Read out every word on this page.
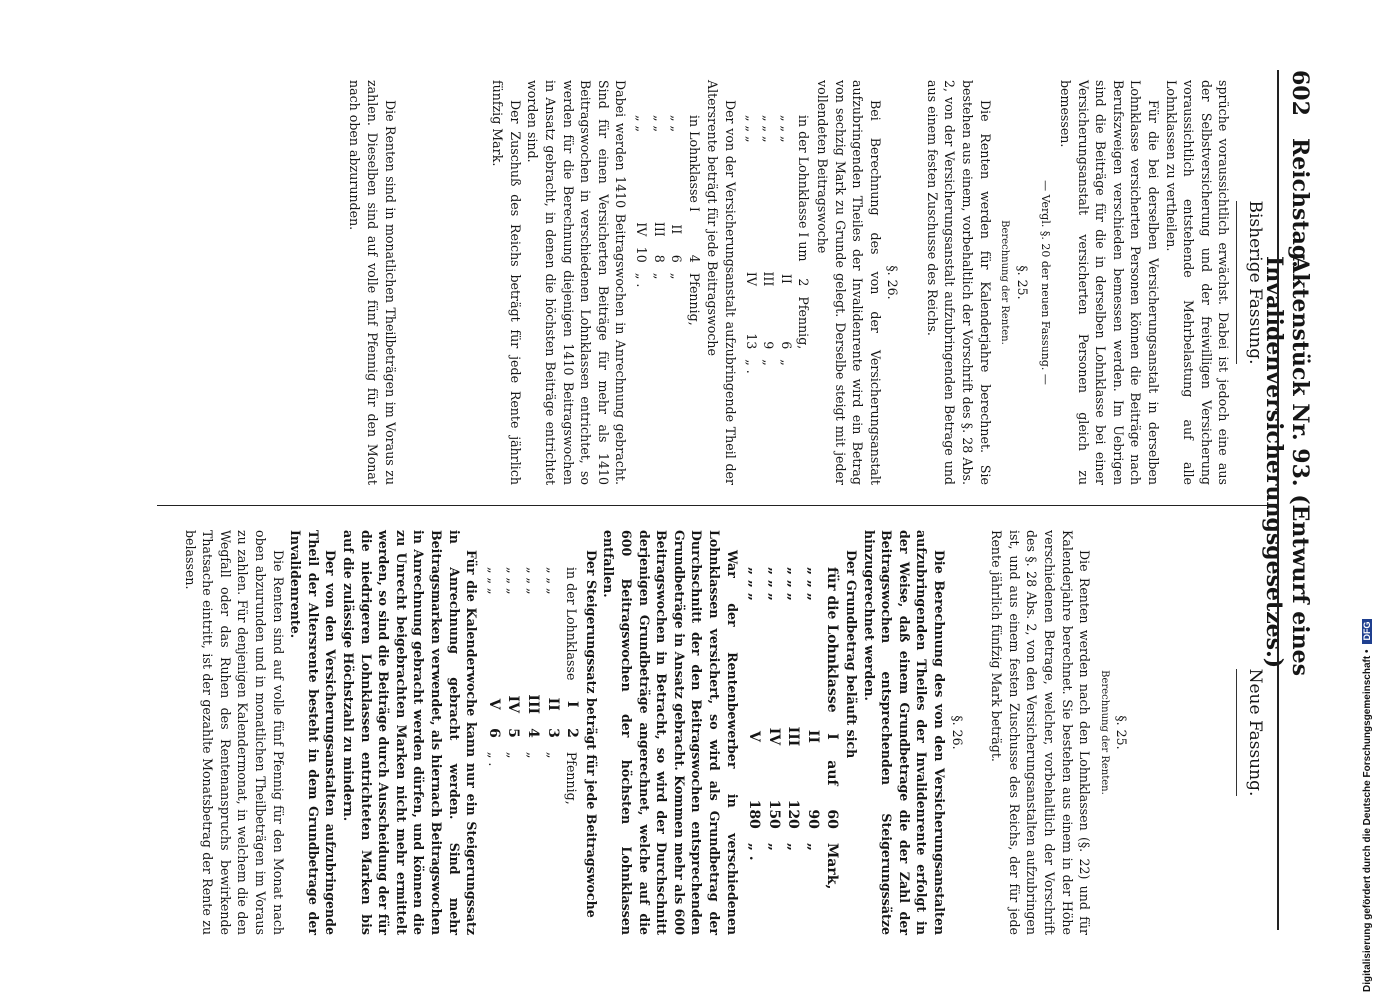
602
Reichstag.
Aktenstück Nr. 93. (Entwurf eines Invalidenversicherungsgesetzes.)
Bisherige Fassung.

sprüche voraussichtlich erwächst. Dabei ist jedoch eine aus der Selbstversicherung und der freiwilligen Versicherung voraussichtlich entstehende Mehrbelastung auf alle Lohnklassen zu vertheilen.

Für die bei derselben Versicherungsanstalt in derselben Lohnklasse versicherten Personen können die Beiträge nach Berufszweigen verschieden bemessen werden. Im Uebrigen sind die Beiträge für die in derselben Lohnklasse bei einer Versicherungsanstalt versicherten Personen gleich zu bemessen.

— Vergl. §. 20 der neuen Fassung. —
§. 25.
Berechnung der Renten.

Die Renten werden für Kalenderjahre berechnet. Sie bestehen aus einem, vorbehaltlich der Vorschrift des §. 28 Abs. 2, von der Versicherungsanstalt aufzubringenden Betrage und aus einem festen Zuschusse des Reichs.

§. 26.

Bei Berechnung des von der Versicherungsanstalt aufzubringenden Theiles der Invalidenrente wird ein Betrag von sechzig Mark zu Grunde gelegt. Derselbe steigt mit jeder vollendeten Beitragswoche

in der Lohnklasse I um	2	Pfennig,	
„ „ „	II	6	„
„ „ „	III	9	„
„ „ „	IV	13	„ .

Der von der Versicherungsanstalt aufzubringende Theil der Altersrente beträgt für jede Beitragswoche

in Lohnklasse I		4	Pfennig,
„ „	II	6	„
„ „	III	8	„
„ „	IV	10	„ .

Dabei werden 1410 Beitragswochen in Anrechnung gebracht. Sind für einen Versicherten Beiträge für mehr als 1410 Beitragswochen in verschiedenen Lohnklassen entrichtet, so werden für die Berechnung diejenigen 1410 Beitragswochen in Ansatz gebracht, in denen die höchsten Beiträge entrichtet worden sind.

Der Zuschuß des Reichs beträgt für jede Rente jährlich fünfzig Mark.

Die Renten sind in monatlichen Theilbeträgen im Voraus zu zahlen. Dieselben sind auf volle fünf Pfennig für den Monat nach oben abzurunden.

Neue Fassung.
§. 25.
Berechnung der Renten.

Die Renten werden nach den Lohnklassen (§. 22) und für Kalenderjahre berechnet. Sie bestehen aus einem in der Höhe verschiedenen Betrage, welcher, vorbehaltlich der Vorschrift des §. 28 Abs. 2, von den Versicherungsanstalten aufzubringen ist, und aus einem festen Zuschusse des Reichs, der für jede Rente jährlich fünfzig Mark beträgt.

§. 26.

Die Berechnung des von den Versicherungsanstalten aufzubringenden Theiles der Invalidenrente erfolgt in der Weise, daß einem Grundbetrage die der Zahl der Beitragswochen entsprechenden Steigerungssätze hinzugerechnet werden.

Der Grundbetrag beläuft sich

für die Lohnklasse	I	auf	60	Mark,
„ „ „	II		90	„
„ „ „	III		120	„
„ „ „	IV		150	„
„ „ „	V		180	„ .

War der Rentenbewerber in verschiedenen Lohnklassen versichert, so wird als Grundbetrag der Durchschnitt der den Beitragswochen entsprechenden Grundbeträge in Ansatz gebracht. Kommen mehr als 600 Beitragswochen in Betracht, so wird der Durchschnitt derjenigen Grundbeträge angerechnet, welche auf die 600 Beitragswochen der höchsten Lohnklassen entfallen.

Der Steigerungssatz beträgt für jede Beitragswoche

in der Lohnklasse	I	2	Pfennig,
„ „ „	II	3	„
„ „ „	III	4	„
„ „ „	IV	5	„
„ „ „	V	6	„ .

Für die Kalenderwoche kann nur ein Steigerungssatz in Anrechnung gebracht werden. Sind mehr Beitragsmarken verwendet, als hiernach Beitragswochen in Anrechnung gebracht werden dürfen, und können die zu Unrecht beigebrachten Marken nicht mehr ermittelt werden, so sind die Beiträge durch Ausscheidung der für die niedrigeren Lohnklassen entrichteten Marken bis auf die zulässige Höchstzahl zu mindern.

Der von den Versicherungsanstalten aufzubringende Theil der Altersrente besteht in dem Grundbetrage der Invalidenrente.

Die Renten sind auf volle fünf Pfennig für den Monat nach oben abzurunden und in monatlichen Theilbeträgen im Voraus zu zahlen. Für denjenigen Kalendermonat, in welchem die den Wegfall oder das Ruhen des Rentenanspruchs bewirkende Thatsache eintritt, ist der gezahlte Monatsbetrag der Rente zu belassen.

Digitalisierung gefördert durch die Deutsche Forschungsgemeinschaft •DFG
